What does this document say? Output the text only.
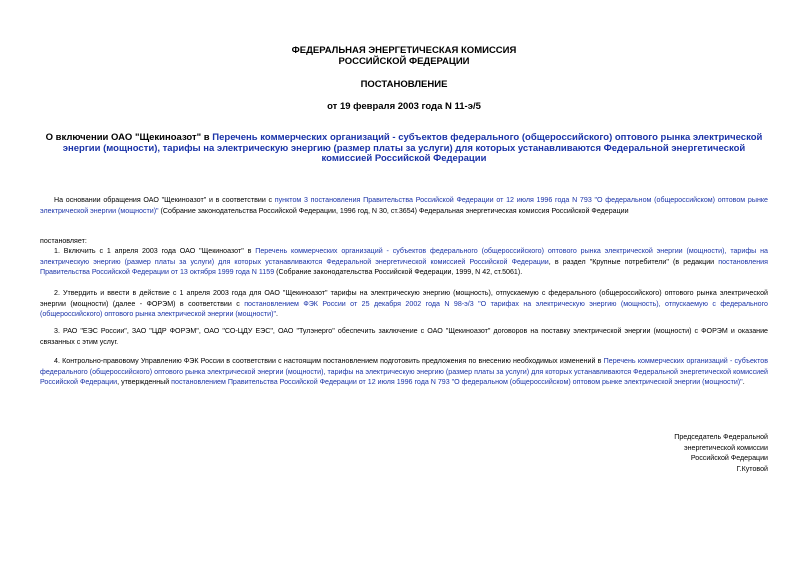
ФЕДЕРАЛЬНАЯ ЭНЕРГЕТИЧЕСКАЯ КОМИССИЯ
РОССИЙСКОЙ ФЕДЕРАЦИИ
ПОСТАНОВЛЕНИЕ
от 19 февраля 2003 года N 11-э/5
О включении ОАО "Щекиноазот" в Перечень коммерческих организаций - субъектов федерального (общероссийского) оптового рынка электрической энергии (мощности), тарифы на электрическую энергию (размер платы за услуги) для которых устанавливаются Федеральной энергетической комиссией Российской Федерации
На основании обращения ОАО "Щекиноазот" и в соответствии с пунктом 3 постановления Правительства Российской Федерации от 12 июля 1996 года N 793 "О федеральном (общероссийском) оптовом рынке электрической энергии (мощности)" (Собрание законодательства Российской Федерации, 1996 год, N 30, ст.3654) Федеральная энергетическая комиссия Российской Федерации
постановляет:
1. Включить с 1 апреля 2003 года ОАО "Щекиноазот" в Перечень коммерческих организаций - субъектов федерального (общероссийского) оптового рынка электрической энергии (мощности), тарифы на электрическую энергию (размер платы за услуги) для которых устанавливаются Федеральной энергетической комиссией Российской Федерации, в раздел "Крупные потребители" (в редакции постановления Правительства Российской Федерации от 13 октября 1999 года N 1159 (Собрание законодательства Российской Федерации, 1999, N 42, ст.5061).
2. Утвердить и ввести в действие с 1 апреля 2003 года для ОАО "Щекиноазот" тарифы на электрическую энергию (мощность), отпускаемую с федерального (общероссийского) оптового рынка электрической энергии (мощности) (далее - ФОРЭМ) в соответствии с постановлением ФЭК России от 25 декабря 2002 года N 98-э/3 "О тарифах на электрическую энергию (мощность), отпускаемую с федерального (общероссийского) оптового рынка электрической энергии (мощности)".
3. РАО "ЕЭС России", ЗАО "ЦДР ФОРЭМ", ОАО "СО-ЦДУ ЕЭС", ОАО "Тулэнерго" обеспечить заключение с ОАО "Щекиноазот" договоров на поставку электрической энергии (мощности) с ФОРЭМ и оказание связанных с этим услуг.
4. Контрольно-правовому Управлению ФЭК России в соответствии с настоящим постановлением подготовить предложения по внесению необходимых изменений в Перечень коммерческих организаций - субъектов федерального (общероссийского) оптового рынка электрической энергии (мощности), тарифы на электрическую энергию (размер платы за услуги) для которых устанавливаются Федеральной энергетической комиссией Российской Федерации, утвержденный постановлением Правительства Российской Федерации от 12 июля 1996 года N 793 "О федеральном (общероссийском) оптовом рынке электрической энергии (мощности)".
Председатель Федеральной
энергетической комиссии
Российской Федерации
Г.Кутовой
